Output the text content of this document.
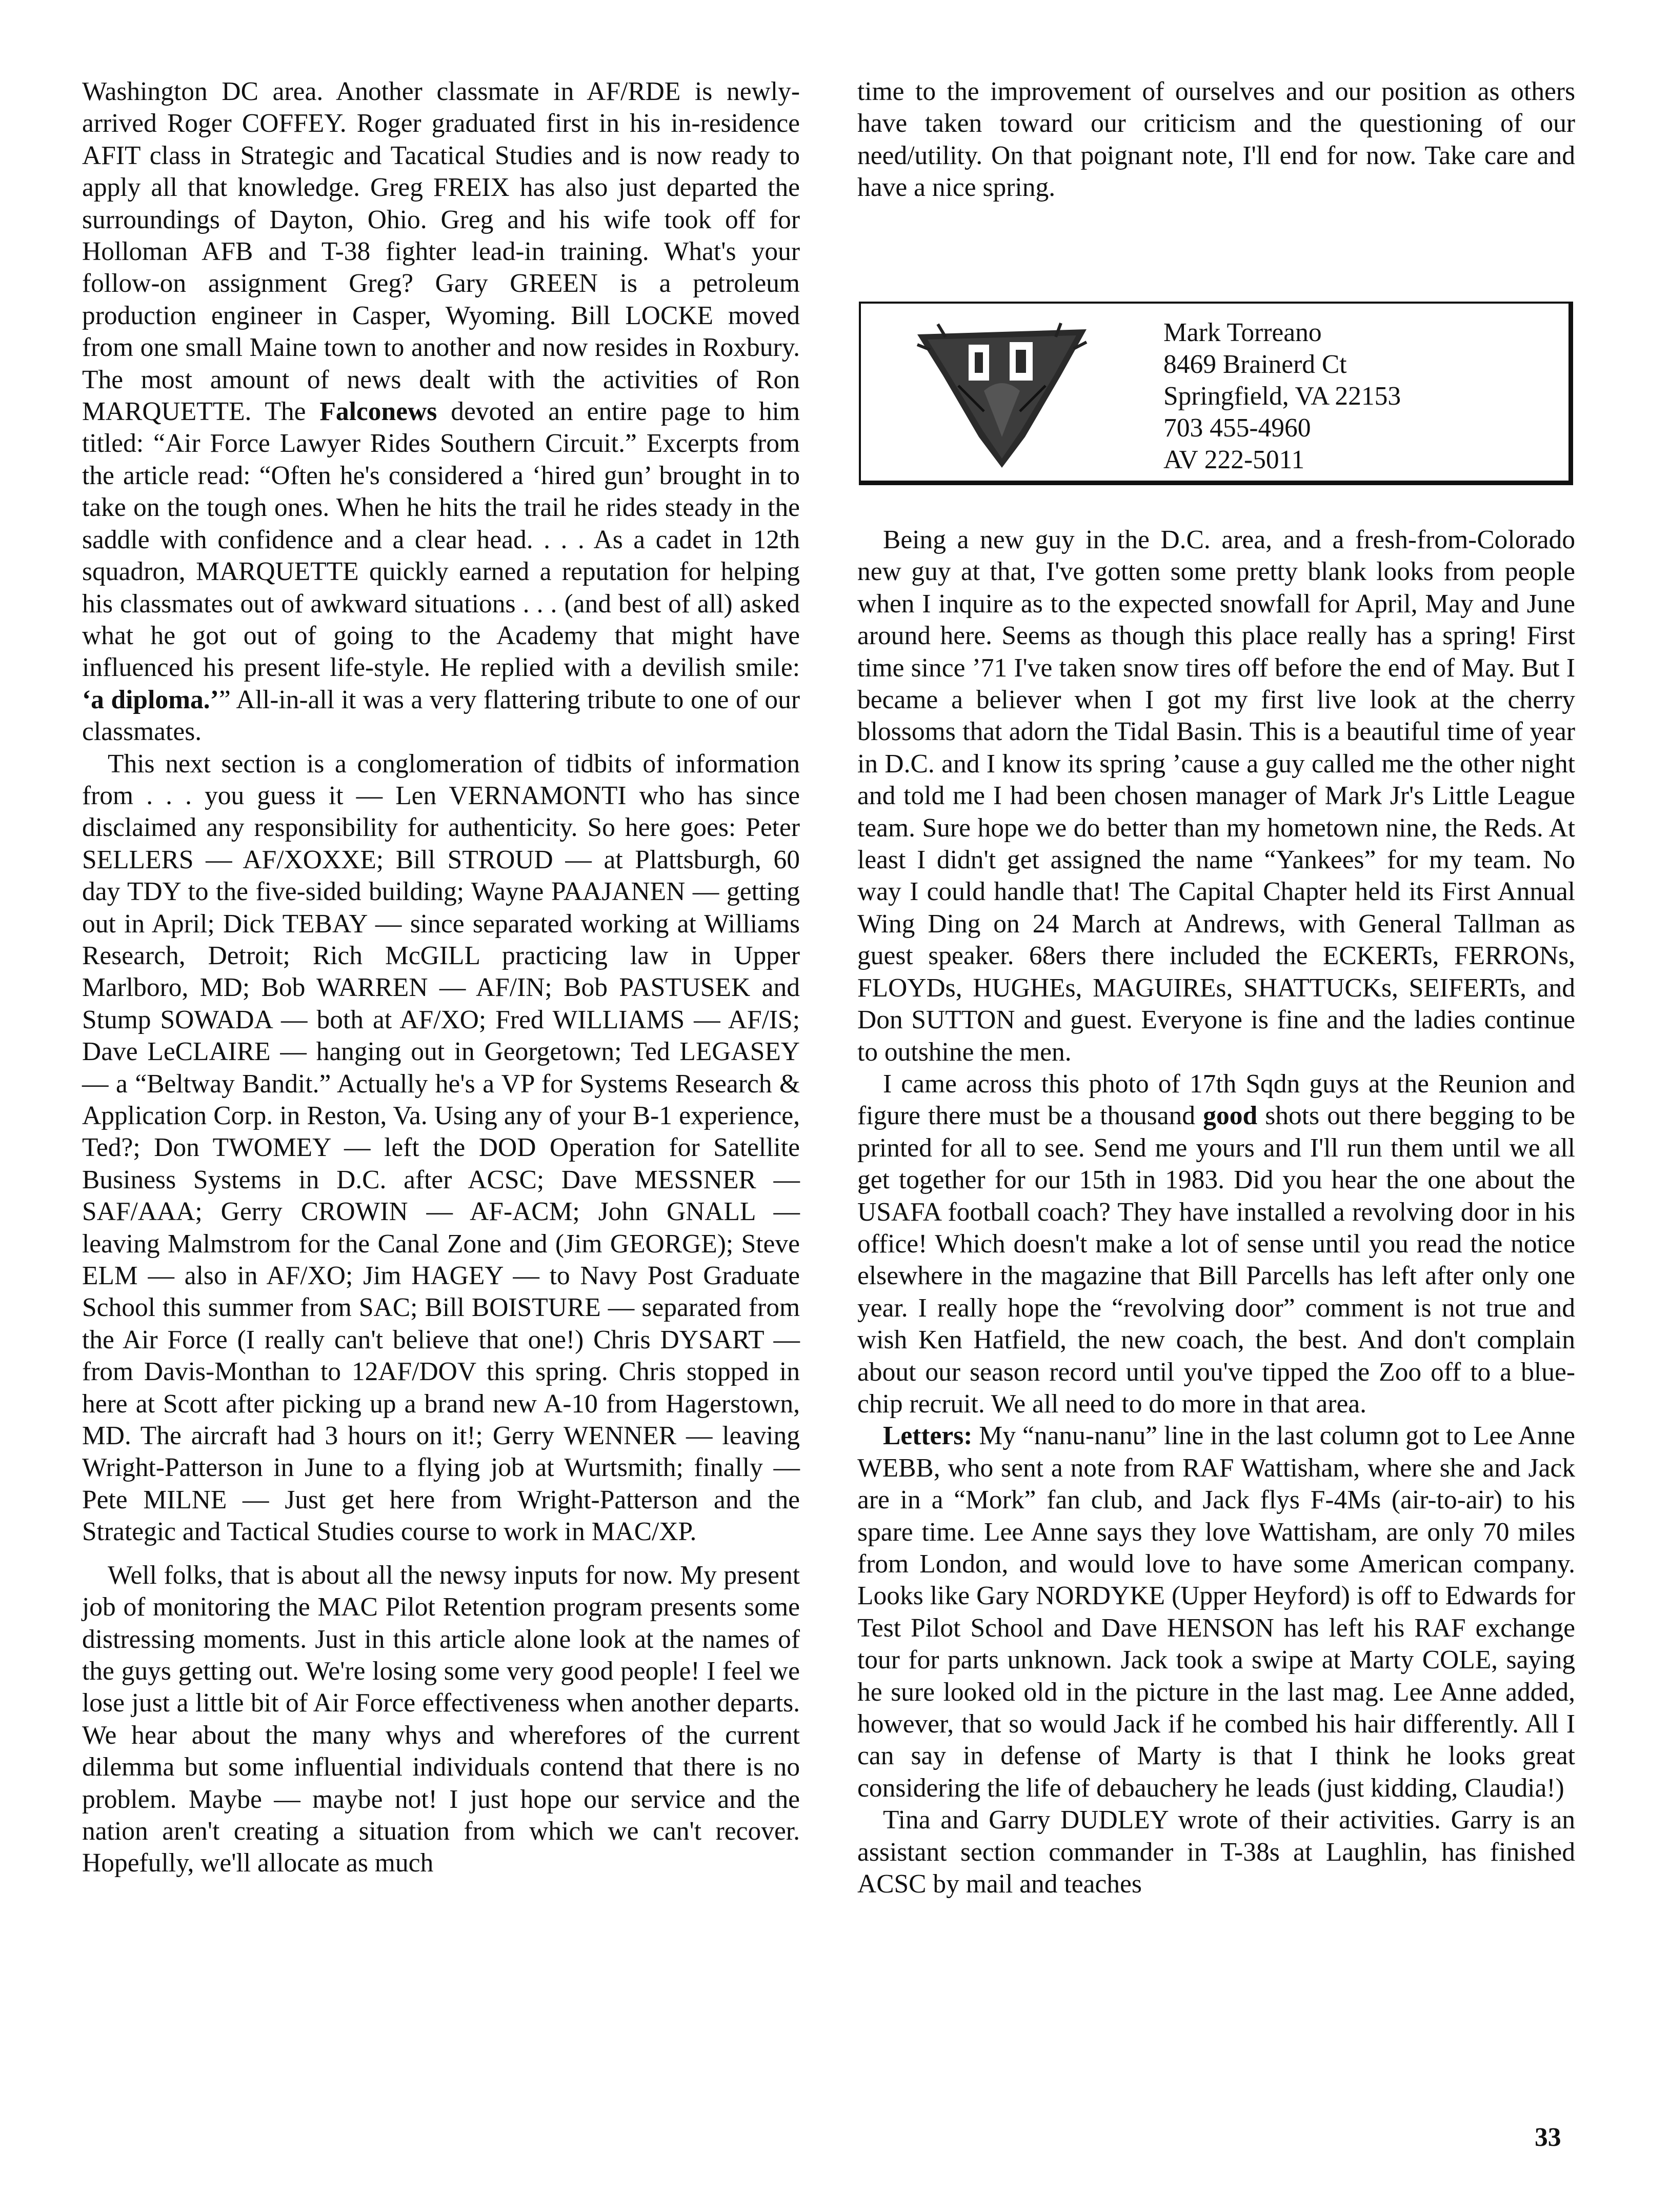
Washington DC area. Another classmate in AF/RDE is newly-arrived Roger COFFEY. Roger graduated first in his in-residence AFIT class in Strategic and Tacatical Studies and is now ready to apply all that knowledge. Greg FREIX has also just departed the surroundings of Dayton, Ohio. Greg and his wife took off for Holloman AFB and T-38 fighter lead-in training. What's your follow-on assignment Greg? Gary GREEN is a petroleum production engineer in Casper, Wyoming. Bill LOCKE moved from one small Maine town to another and now resides in Roxbury. The most amount of news dealt with the activities of Ron MARQUETTE. The Falconews devoted an entire page to him titled: “Air Force Lawyer Rides Southern Circuit.” Excerpts from the article read: “Often he's considered a ‘hired gun’ brought in to take on the tough ones. When he hits the trail he rides steady in the saddle with confidence and a clear head. . . . As a cadet in 12th squadron, MARQUETTE quickly earned a reputation for helping his classmates out of awkward situations . . . (and best of all) asked what he got out of going to the Academy that might have influenced his present life-style. He replied with a devilish smile: ‘a diploma.’” All-in-all it was a very flattering tribute to one of our classmates.

This next section is a conglomeration of tidbits of information from . . . you guess it — Len VERNAMONTI who has since disclaimed any responsibility for authenticity. So here goes: Peter SELLERS — AF/XOXXE; Bill STROUD — at Plattsburgh, 60 day TDY to the five-sided building; Wayne PAAJANEN — getting out in April; Dick TEBAY — since separated working at Williams Research, Detroit; Rich McGILL practicing law in Upper Marlboro, MD; Bob WARREN — AF/IN; Bob PASTUSEK and Stump SOWADA — both at AF/XO; Fred WILLIAMS — AF/IS; Dave LeCLAIRE — hanging out in Georgetown; Ted LEGASEY — a “Beltway Bandit.” Actually he's a VP for Systems Research & Application Corp. in Reston, Va. Using any of your B-1 experience, Ted?; Don TWOMEY — left the DOD Operation for Satellite Business Systems in D.C. after ACSC; Dave MESSNER — SAF/AAA; Gerry CROWIN — AF-ACM; John GNALL — leaving Malmstrom for the Canal Zone and (Jim GEORGE); Steve ELM — also in AF/XO; Jim HAGEY — to Navy Post Graduate School this summer from SAC; Bill BOISTURE — separated from the Air Force (I really can't believe that one!) Chris DYSART — from Davis-Monthan to 12AF/DOV this spring. Chris stopped in here at Scott after picking up a brand new A-10 from Hagerstown, MD. The aircraft had 3 hours on it!; Gerry WENNER — leaving Wright-Patterson in June to a flying job at Wurtsmith; finally — Pete MILNE — Just get here from Wright-Patterson and the Strategic and Tactical Studies course to work in MAC/XP.

Well folks, that is about all the newsy inputs for now. My present job of monitoring the MAC Pilot Retention program presents some distressing moments. Just in this article alone look at the names of the guys getting out. We're losing some very good people! I feel we lose just a little bit of Air Force effectiveness when another departs. We hear about the many whys and wherefores of the current dilemma but some influential individuals contend that there is no problem. Maybe — maybe not! I just hope our service and the nation aren't creating a situation from which we can't recover. Hopefully, we'll allocate as much

time to the improvement of ourselves and our position as others have taken toward our criticism and the questioning of our need/utility. On that poignant note, I'll end for now. Take care and have a nice spring.

Mark Torreano
8469 Brainerd Ct
Springfield, VA 22153
703 455-4960
AV 222-5011

Being a new guy in the D.C. area, and a fresh-from-Colorado new guy at that, I've gotten some pretty blank looks from people when I inquire as to the expected snowfall for April, May and June around here. Seems as though this place really has a spring! First time since ’71 I've taken snow tires off before the end of May. But I became a believer when I got my first live look at the cherry blossoms that adorn the Tidal Basin. This is a beautiful time of year in D.C. and I know its spring ’cause a guy called me the other night and told me I had been chosen manager of Mark Jr's Little League team. Sure hope we do better than my hometown nine, the Reds. At least I didn't get assigned the name “Yankees” for my team. No way I could handle that! The Capital Chapter held its First Annual Wing Ding on 24 March at Andrews, with General Tallman as guest speaker. 68ers there included the ECKERTs, FERRONs, FLOYDs, HUGHEs, MAGUIREs, SHATTUCKs, SEIFERTs, and Don SUTTON and guest. Everyone is fine and the ladies continue to outshine the men.

I came across this photo of 17th Sqdn guys at the Reunion and figure there must be a thousand good shots out there begging to be printed for all to see. Send me yours and I'll run them until we all get together for our 15th in 1983. Did you hear the one about the USAFA football coach? They have installed a revolving door in his office! Which doesn't make a lot of sense until you read the notice elsewhere in the magazine that Bill Parcells has left after only one year. I really hope the “revolving door” comment is not true and wish Ken Hatfield, the new coach, the best. And don't complain about our season record until you've tipped the Zoo off to a blue-chip recruit. We all need to do more in that area.

Letters: My “nanu-nanu” line in the last column got to Lee Anne WEBB, who sent a note from RAF Wattisham, where she and Jack are in a “Mork” fan club, and Jack flys F-4Ms (air-to-air) to his spare time. Lee Anne says they love Wattisham, are only 70 miles from London, and would love to have some American company. Looks like Gary NORDYKE (Upper Heyford) is off to Edwards for Test Pilot School and Dave HENSON has left his RAF exchange tour for parts unknown. Jack took a swipe at Marty COLE, saying he sure looked old in the picture in the last mag. Lee Anne added, however, that so would Jack if he combed his hair differently. All I can say in defense of Marty is that I think he looks great considering the life of debauchery he leads (just kidding, Claudia!)

Tina and Garry DUDLEY wrote of their activities. Garry is an assistant section commander in T-38s at Laughlin, has finished ACSC by mail and teaches

33
